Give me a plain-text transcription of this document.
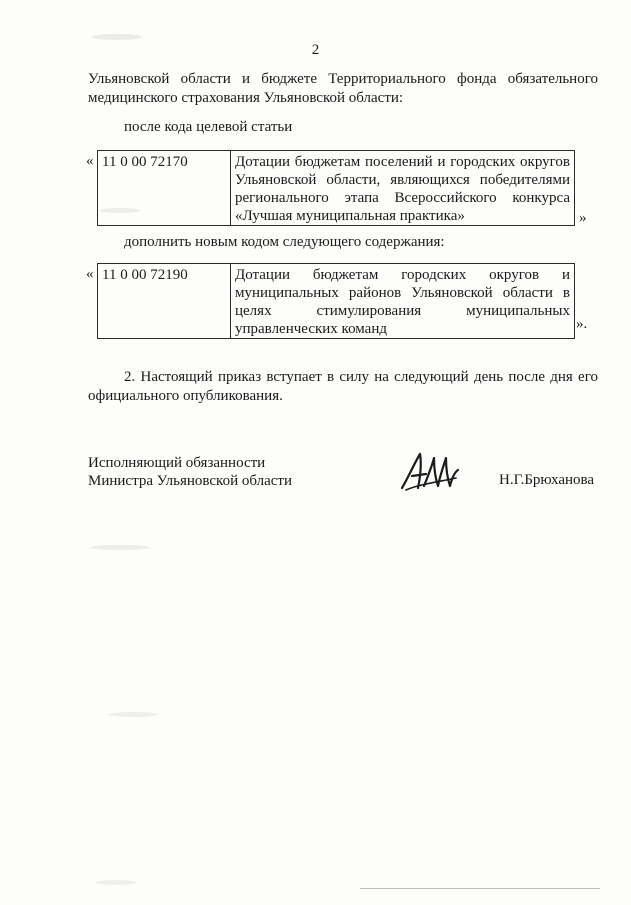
2
Ульяновской области и бюджете Территориального фонда обязательного медицинского страхования Ульяновской области:
после кода целевой статьи
« 11 0 00 72170	Дотации бюджетам поселений и городских округов Ульяновской области, являющихся победителями регионального этапа Всероссийского конкурса «Лучшая муниципальная практика»	»
дополнить новым кодом следующего содержания:
« 11 0 00 72190	Дотации бюджетам городских округов и муниципальных районов Ульяновской области в целях стимулирования муниципальных управленческих команд	».
2. Настоящий приказ вступает в силу на следующий день после дня его официального опубликования.
Исполняющий обязанности
Министра Ульяновской области	Н.Г.Брюханова
